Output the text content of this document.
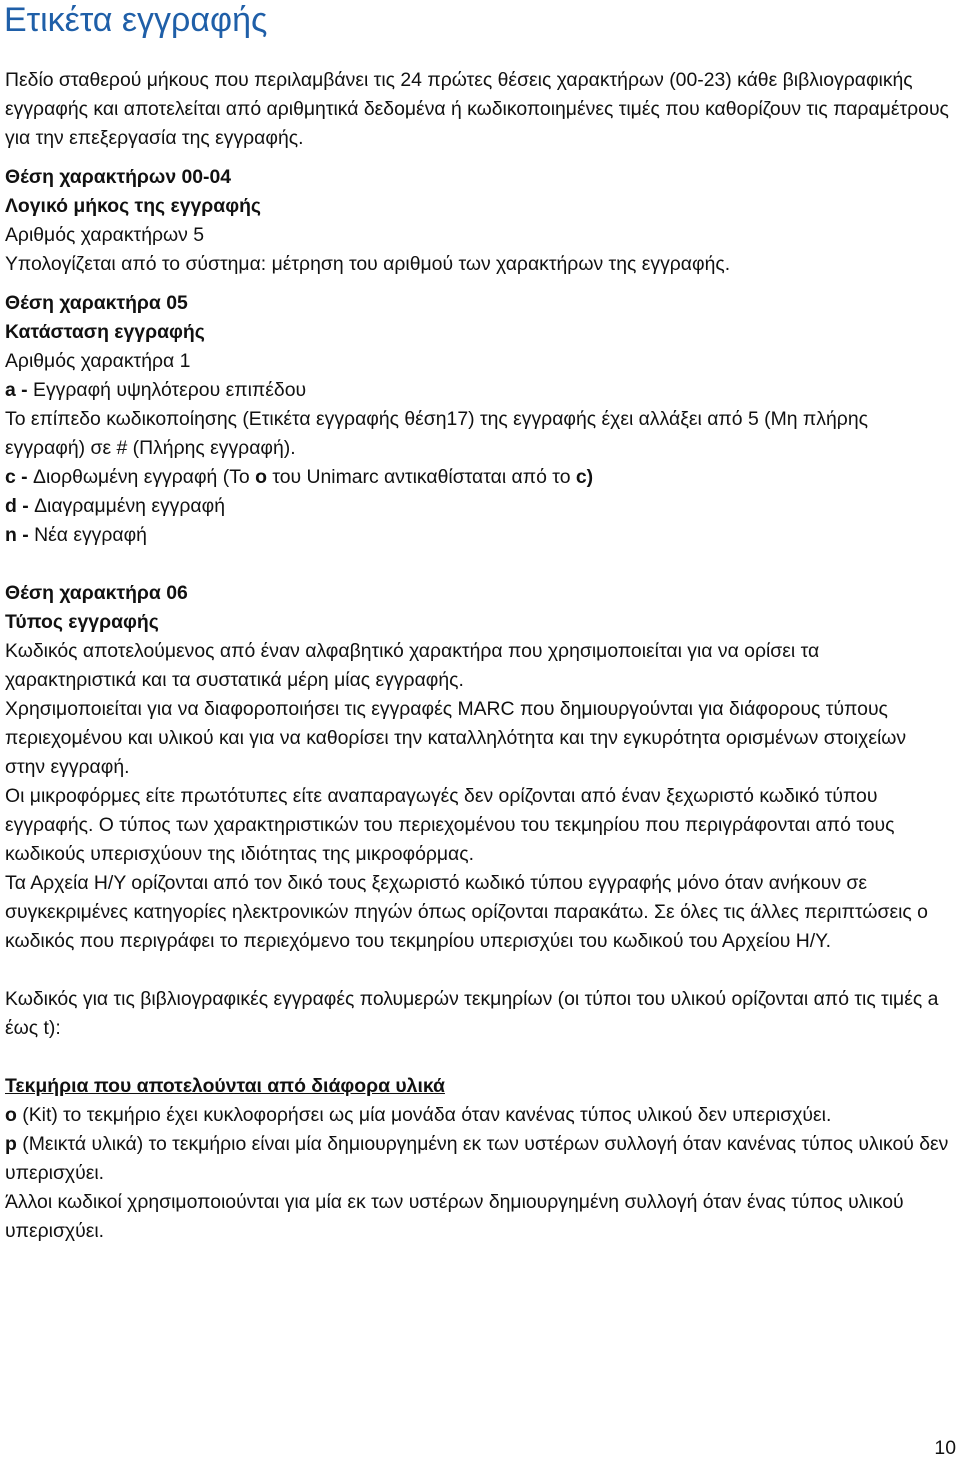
Ετικέτα εγγραφής

Πεδίο σταθερού μήκους που περιλαμβάνει τις 24 πρώτες θέσεις χαρακτήρων (00-23) κάθε βιβλιογραφικής εγγραφής και αποτελείται από αριθμητικά δεδομένα ή κωδικοποιημένες τιμές που καθορίζουν τις παραμέτρους για την επεξεργασία της εγγραφής.

Θέση χαρακτήρων 00-04

Λογικό μήκος της εγγραφής

Αριθμός χαρακτήρων 5

Υπολογίζεται από το σύστημα: μέτρηση του αριθμού των χαρακτήρων της εγγραφής.

Θέση χαρακτήρα 05

Κατάσταση εγγραφής

Αριθμός χαρακτήρα 1

a - Εγγραφή υψηλότερου επιπέδου

Το επίπεδο κωδικοποίησης (Ετικέτα εγγραφής θέση17) της εγγραφής έχει αλλάξει από 5 (Μη πλήρης εγγραφή) σε # (Πλήρης εγγραφή).

c - Διορθωμένη εγγραφή (Το o του Unimarc αντικαθίσταται από το c)

d - Διαγραμμένη εγγραφή

n - Νέα εγγραφή

Θέση χαρακτήρα 06

Τύπος εγγραφής

Κωδικός αποτελούμενος από έναν αλφαβητικό χαρακτήρα που χρησιμοποιείται για να ορίσει τα χαρακτηριστικά και τα συστατικά μέρη μίας εγγραφής.

Χρησιμοποιείται για να διαφοροποιήσει τις εγγραφές MARC που δημιουργούνται για διάφορους τύπους περιεχομένου και υλικού και για να καθορίσει την καταλληλότητα και την εγκυρότητα ορισμένων στοιχείων στην εγγραφή.

Οι μικροφόρμες είτε πρωτότυπες είτε αναπαραγωγές δεν ορίζονται από έναν ξεχωριστό κωδικό τύπου εγγραφής. Ο τύπος των χαρακτηριστικών του περιεχομένου του τεκμηρίου που περιγράφονται από τους κωδικούς υπερισχύουν της ιδιότητας της μικροφόρμας.

Τα Αρχεία Η/Υ ορίζονται από τον δικό τους ξεχωριστό κωδικό τύπου εγγραφής μόνο όταν ανήκουν σε συγκεκριμένες κατηγορίες ηλεκτρονικών πηγών όπως ορίζονται παρακάτω. Σε όλες τις άλλες περιπτώσεις ο κωδικός που περιγράφει το περιεχόμενο του τεκμηρίου υπερισχύει του κωδικού του Αρχείου Η/Υ.

Κωδικός για τις βιβλιογραφικές εγγραφές πολυμερών τεκμηρίων (οι τύποι του υλικού ορίζονται από τις τιμές a έως t):

Τεκμήρια που αποτελούνται από διάφορα υλικά

o (Kit) το τεκμήριο έχει κυκλοφορήσει ως μία μονάδα όταν κανένας τύπος υλικού δεν υπερισχύει.

p (Μεικτά υλικά) το τεκμήριο είναι μία δημιουργημένη εκ των υστέρων συλλογή όταν κανένας τύπος υλικού δεν υπερισχύει.

Άλλοι κωδικοί χρησιμοποιούνται για μία εκ των υστέρων δημιουργημένη συλλογή όταν ένας τύπος υλικού υπερισχύει.

10
